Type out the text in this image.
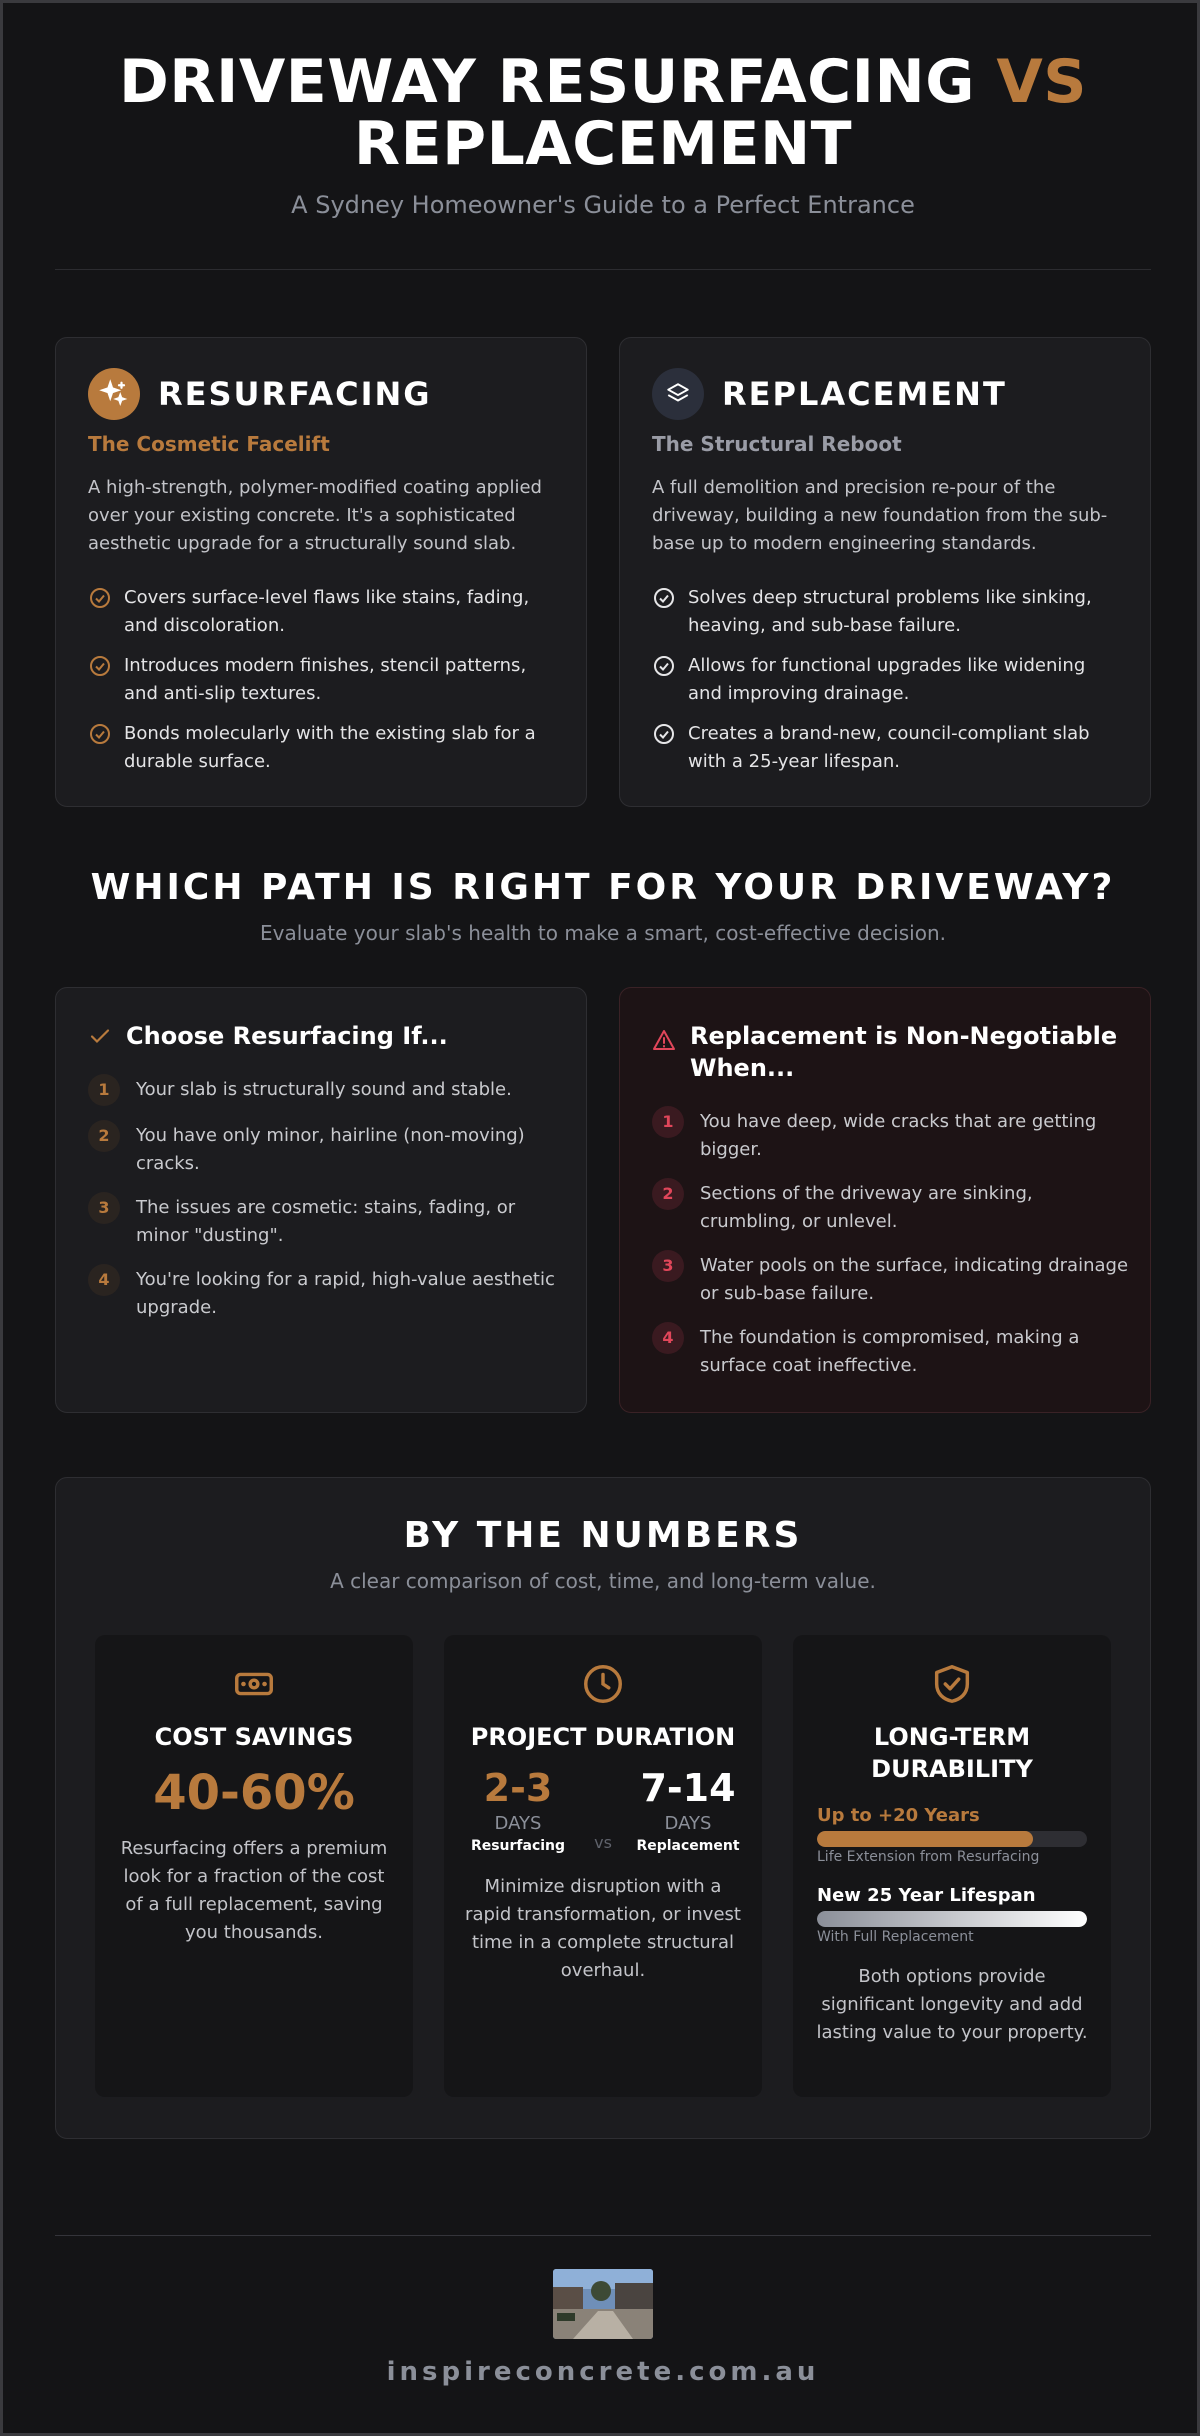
DRIVEWAY RESURFACING VS
REPLACEMENT
A Sydney Homeowner's Guide to a Perfect Entrance
RESURFACING
The Cosmetic Facelift
A high-strength, polymer-modified coating applied over your existing concrete. It's a sophisticated aesthetic upgrade for a structurally sound slab.
Covers surface-level flaws like stains, fading, and discoloration.
Introduces modern finishes, stencil patterns, and anti-slip textures.
Bonds molecularly with the existing slab for a durable surface.
REPLACEMENT
The Structural Reboot
A full demolition and precision re-pour of the driveway, building a new foundation from the sub-base up to modern engineering standards.
Solves deep structural problems like sinking, heaving, and sub-base failure.
Allows for functional upgrades like widening and improving drainage.
Creates a brand-new, council-compliant slab with a 25-year lifespan.
WHICH PATH IS RIGHT FOR YOUR DRIVEWAY?
Evaluate your slab's health to make a smart, cost-effective decision.
Choose Resurfacing If...
1	Your slab is structurally sound and stable.
2	You have only minor, hairline (non-moving) cracks.
3	The issues are cosmetic: stains, fading, or minor "dusting".
4	You're looking for a rapid, high-value aesthetic upgrade.
Replacement is Non-Negotiable When...
1	You have deep, wide cracks that are getting bigger.
2	Sections of the driveway are sinking, crumbling, or unlevel.
3	Water pools on the surface, indicating drainage or sub-base failure.
4	The foundation is compromised, making a surface coat ineffective.
BY THE NUMBERS
A clear comparison of cost, time, and long-term value.
COST SAVINGS
40-60%
Resurfacing offers a premium look for a fraction of the cost of a full replacement, saving you thousands.
PROJECT DURATION
2-3
DAYS
Resurfacing	vs
7-14
DAYS
Replacement
Minimize disruption with a rapid transformation, or invest time in a complete structural overhaul.
LONG-TERM
DURABILITY
Up to +20 Years
Life Extension from Resurfacing
New 25 Year Lifespan
With Full Replacement
Both options provide significant longevity and add lasting value to your property.
inspireconcrete.com.au
